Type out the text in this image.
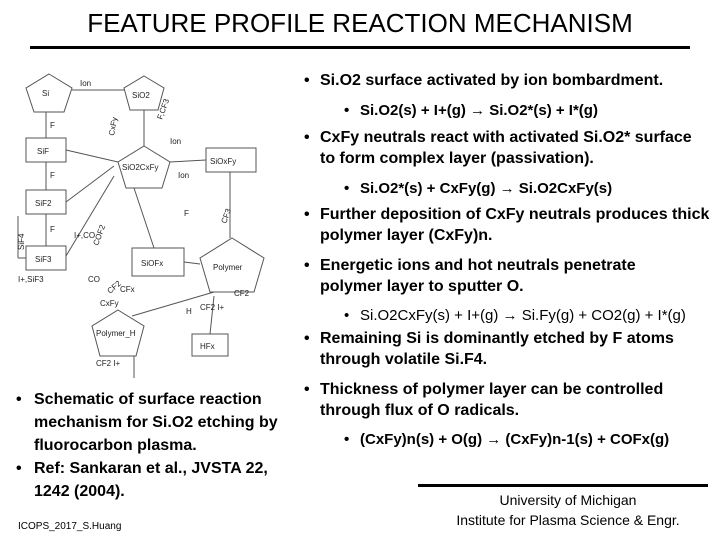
FEATURE PROFILE REACTION MECHANISM
Si	SiO2
SiF
SiO2CxFy
SiOxFy
SiF2
SiF3	SiOFx	Polymer
Polymer_H
HFx
F
F
F
F
Ion
Ion
Ion
I+,CO
I+,SiF3	CO
CF2
H
CxFy
CF2 I+
CF2 I+
CFx
F,CF3
CxFy
COF2
SiF4
CF2
CF3
• Si.O2 surface activated by ion bombardment.
• Si.O2(s) + I+(g) → Si.O2*(s) + I*(g)
• CxFy neutrals react with activated Si.O2* surface to form complex layer (passivation).
• Si.O2*(s) + CxFy(g) → Si.O2CxFy(s)
• Further deposition of CxFy neutrals produces thick polymer layer (CxFy)n.
• Energetic ions and hot neutrals penetrate polymer layer to sputter O.
• Si.O2CxFy(s) + I+(g) → Si.Fy(g) + CO2(g) + I*(g)
• Remaining Si is dominantly etched by F atoms through volatile Si.F4.
• Thickness of polymer layer can be controlled through flux of O radicals.
• (CxFy)n(s) + O(g) → (CxFy)n-1(s) + COFx(g)
• Schematic of surface reaction mechanism for Si.O2 etching by fluorocarbon plasma.
• Ref: Sankaran et al., JVSTA 22, 1242 (2004).
ICOPS_2017_S.Huang
University of Michigan
Institute for Plasma Science & Engr.
